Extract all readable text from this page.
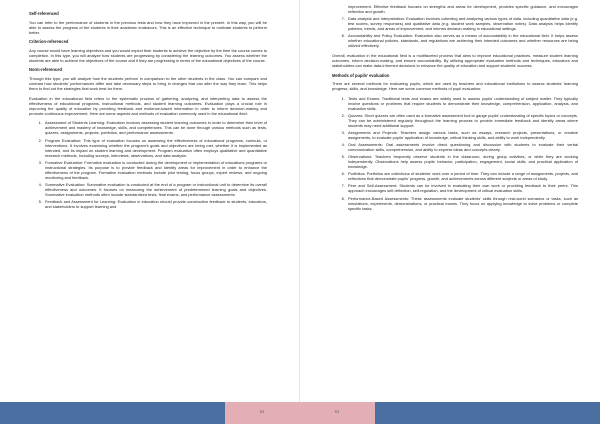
Self-referenced

You can refer to the performance of students in the previous tests and how they have improved in the present. In this way, you will be able to assess the progress of the students in their academic endeavors. This is an effective technique to motivate students to perform better.

Criterion-referenced

Any course would have learning objectives and you would expect their students to achieve the objective by the time the course comes to completion. In this type, you will analyze how students are progressing by considering the learning outcomes. You assess whether the students are able to achieve the objectives of the course and if they are progressing in terms of the educational objectives of the course.

Norm-referenced

Through this type, you will analyze how the students perform in comparison to the other students in the class. You can compare and contrast how students' performances differ and take necessary steps to bring in changes that can alter the way they learn. This helps them to find out the strategies that work best for them.

Evaluation in the educational field refers to the systematic process of gathering, analyzing, and interpreting data to assess the effectiveness of educational programs, instructional methods, and student learning outcomes. Evaluation plays a crucial role in improving the quality of education by providing feedback and evidence-based information in order to inform decision-making and promote continuous improvement. Here are some aspects and methods of evaluation commonly used in the educational field:

1. Assessment of Students Learning: Evaluation involves assessing student learning outcomes in order to determine their level of achievement and mastery of knowledge, skills, and competencies. This can be done through various methods such as tests, quizzes, assignments, projects, portfolios, and performance assessments.
2. Program Evaluation: This type of evaluation focuses on assessing the effectiveness of educational programs, curricula, or interventions. It involves examining whether the program's goals and objectives are being met, whether it is implemented as intended, and its impact on student learning and development. Program evaluation often employs qualitative and quantitative research methods, including surveys, interviews, observations, and data analysis.
3. Formative Evaluation: Formative evaluation is conducted during the development or implementation of educations programs or instructional strategies. Its purpose is to provide feedback and identify areas for improvement in order to enhance the effectiveness of the program. Formative evaluation methods include pilot testing, focus groups, expert reviews, and ongoing monitoring and feedback.
4. Summative Evaluation: Summative evaluation is conducted at the end of a program or instructional unit to determine its overall effectiveness and outcomes. It focuses on measuring the achievement of predetermined learning goals and objectives. Summative evaluation methods often include standardized tests, final exams, and performance assessments.
5. Feedback and Assessment for Learning: Evaluation in education should provide constructive feedback to students, educators, and stakeholders to support learning and
62
improvement. Effective feedback focuses on strengths and areas for development, provides specific guidance, and encourages reflection and growth.
7. Data analysis and Interpretation: Evaluation involves collecting and analyzing various types of data, including quantitative data (e.g. test scores, survey responses) and qualitative data (e.g. student work samples, observation notes). Data analysis helps identify patterns, trends, and areas of improvement, and informs decision-making in educational settings.
8. Accountability and Policy Evaluation: Evaluation also serves as a means of accountability in the educational field. It helps assess whether educational policies, standards, and regulations are achieving their intended outcomes and whether resources are being utilized effectively.

Overall, evaluation in the educational field is a multifaceted process that aims to improve educational practices, measure student learning outcomes, inform decision-making, and ensure accountability. By utilizing appropriate evaluation methods and techniques, educators and stakeholders can make data-informed decisions to enhance the quality of education and support students' success.

Methods of pupils' evaluation

There are several methods for evaluating pupils, which are used by teachers and educational institutions to assess students' learning progress, skills, and knowledge. Here are some common methods of pupil evaluation:

1. Tests and Exams: Traditional tests and exams are widely used to assess pupils' understanding of subject matter. They typically involve questions or problems that require students to demonstrate their knowledge, comprehension, application, analysis, and evaluation skills.
2. Quizzes: Short quizzes are often used as a formative assessment tool to gauge pupils' understanding of specific topics or concepts. They can be administered regularly throughout the learning process to provide immediate feedback and identify areas where students may need additional support.
3. Assignments and Projects: Teachers assign various tasks, such as essays, research projects, presentations, or creative assignments, to evaluate pupils' application of knowledge, critical thinking skills, and ability to work independently.
4. Oral Assessments: Oral assessments involve direct questioning and discussion with students to evaluate their verbal communication skills, comprehension, and ability to express ideas and concepts clearly.
5. Observations: Teachers frequently observe students in the classroom, during group activities, or while they are working independently. Observations help assess pupils' behavior, participation, engagement, social skills, and practical application of knowledge.
6. Portfolios: Portfolios are collections of students' work over a period of time. They can include a range of assignments, projects, and reflections that demonstrate pupils' progress, growth, and achievements across different subjects or areas of study.
7. Peer and Self-Assessment: Students can be involved in evaluating their own work or providing feedback to their peers. This approach encourages self-reflection, self-regulation, and the development of critical evaluation skills.
8. Performance-Based Assessments: These assessments evaluate students' skills through real-world scenarios or tasks, such as simulations, experiments, demonstrations, or practical exams. They focus on applying knowledge to solve problems or complete specific tasks.
63
